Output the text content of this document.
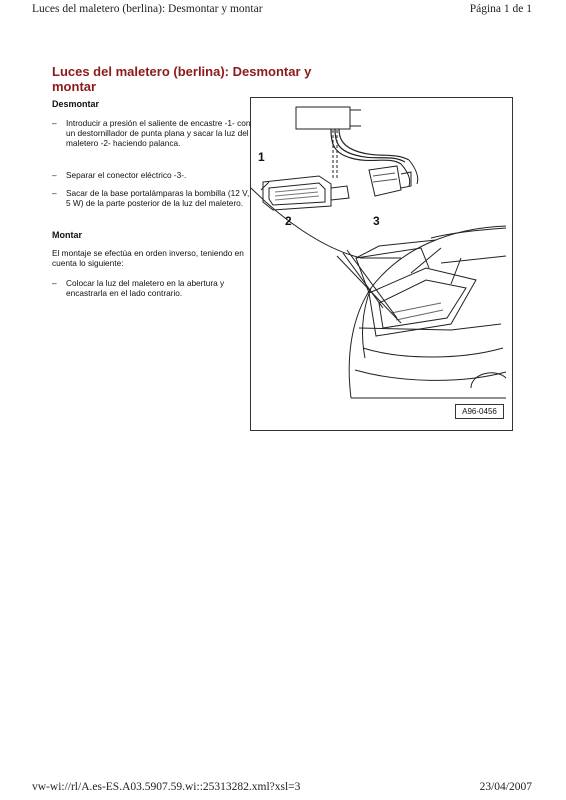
Luces del maletero (berlina): Desmontar y montar	Página 1 de 1
Luces del maletero (berlina): Desmontar y montar
Desmontar
– Introducir a presión el saliente de encastre -1- con un destornillador de punta plana y sacar la luz del maletero -2- haciendo palanca.
– Separar el conector eléctrico -3-.
– Sacar de la base portalámparas la bombilla (12 V, 5 W) de la parte posterior de la luz del maletero.
Montar
El montaje se efectúa en orden inverso, teniendo en cuenta lo siguiente:
– Colocar la luz del maletero en la abertura y encastrarla en el lado contrario.
1
2	3
A96-0456
vw-wi://rl/A.es-ES.A03.5907.59.wi::25313282.xml?xsl=3	23/04/2007
